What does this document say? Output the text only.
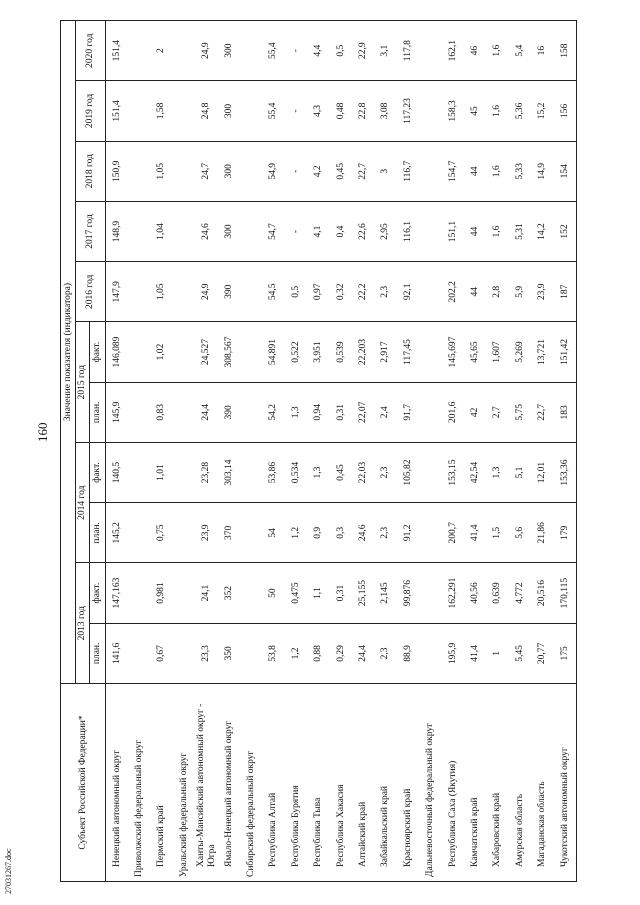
160
27031267.doc
Субъект Российской Федерации*	Значение показателя (индикатора)										
	2013 год		2014 год		2015 год		2016 год	2017 год	2018 год	2019 год	2020 год
	план.	факт.	план.	факт.	план.	факт.					
Ненецкий автономный округ	141,6	147,163	145,2	140,5	145,9	146,089	147,9	148,9	150,9	151,4	151,4
Приволжский федеральный округ											
Пермский край	0,67	0,981	0,75	1,01	0,83	1,02	1,05	1,04	1,05	1,58	2
Уральский федеральный округ											
Ханты-Мансийский автономный округ - Югра	23,3	24,1	23,9	23,28	24,4	24,527	24,9	24,6	24,7	24,8	24,9
Ямало-Ненецкий автономный округ	350	352	370	303,14	390	308,567	390	300	300	300	300
Сибирский федеральный округ											
Республика Алтай	53,8	50	54	53,86	54,2	54,891	54,5	54,7	54,9	55,4	55,4
Республика Бурятия	1,2	0,475	1,2	0,534	1,3	0,522	0,5	-	-	-	-
Республика Тыва	0,88	1,1	0,9	1,3	0,94	3,951	0,97	4,1	4,2	4,3	4,4
Республика Хакасия	0,29	0,31	0,3	0,45	0,31	0,539	0,32	0,4	0,45	0,48	0,5
Алтайский край	24,4	25,155	24,6	22,03	22,07	22,203	22,2	22,6	22,7	22,8	22,9
Забайкальский край	2,3	2,145	2,3	2,3	2,4	2,917	2,3	2,95	3	3,08	3,1
Красноярский край	88,9	99,876	91,2	105,82	91,7	117,45	92,1	116,1	116,7	117,23	117,8
Дальневосточный федеральный округ											
Республика Саха (Якутия)	195,9	162,291	200,7	153,15	201,6	145,697	202,2	151,1	154,7	158,3	162,1
Камчатский край	41,4	40,56	41,4	42,54	42	45,65	44	44	44	45	46
Хабаровский край	1	0,639	1,5	1,3	2,7	1,607	2,8	1,6	1,6	1,6	1,6
Амурская область	5,45	4,772	5,6	5,1	5,75	5,269	5,9	5,31	5,33	5,36	5,4
Магаданская область	20,77	20,516	21,86	12,01	22,7	13,721	23,9	14,2	14,9	15,2	16
Чукотский автономный округ	175	170,115	179	153,36	183	151,42	187	152	154	156	158
